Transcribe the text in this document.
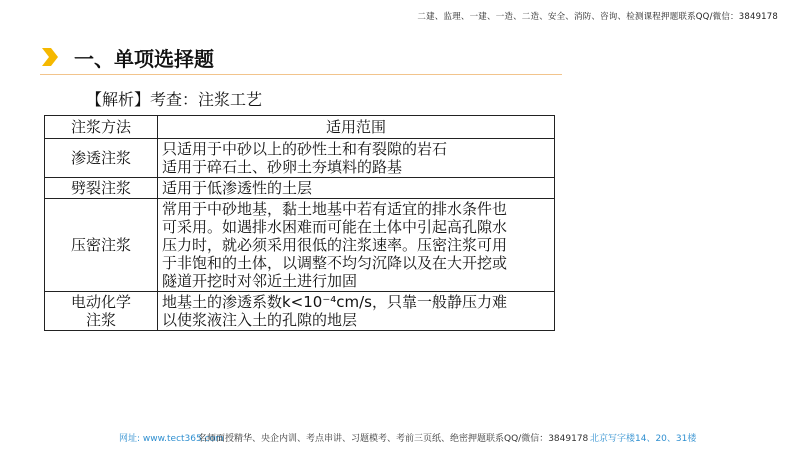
二建、监理、一建、一造、二造、安全、消防、咨询、检测课程押题联系QQ/微信：3849178
一、单项选择题
【解析】考查：注浆工艺
注浆方法	适用范围

渗透注浆	只适用于中砂以上的砂性土和有裂隙的岩石
适用于碎石土、砂卵土夯填料的路基

劈裂注浆	适用于低渗透性的土层

压密注浆	常用于中砂地基，黏土地基中若有适宜的排水条件也
可采用。如遇排水困难而可能在土体中引起高孔隙水
压力时，就必须采用很低的注浆速率。压密注浆可用
于非饱和的土体，以调整不均匀沉降以及在大开挖或
隧道开挖时对邻近土进行加固

电动化学
注浆	地基土的渗透系数k<10⁻⁴cm/s，只靠一般静压力难
以使浆液注入土的孔隙的地层
网址: www.tect365.com
名师面授精华、央企内训、考点串讲、习题模考、考前三页纸、绝密押题联系QQ/微信：3849178 北京写字楼14、20、31楼
